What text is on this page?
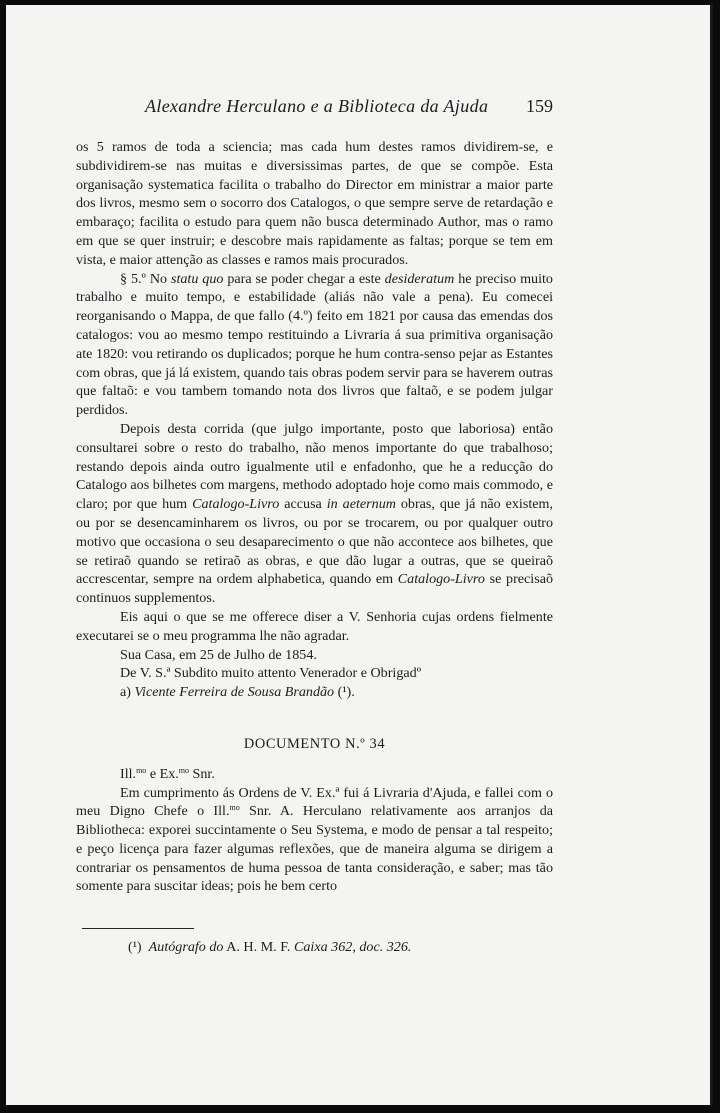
Alexandre Herculano e a Biblioteca da Ajuda 159

os 5 ramos de toda a sciencia; mas cada hum destes ramos dividirem-se, e subdividirem-se nas muitas e diversissimas partes, de que se compõe. Esta organisação systematica facilita o trabalho do Director em ministrar a maior parte dos livros, mesmo sem o socorro dos Catalogos, o que sempre serve de retardação e embaraço; facilita o estudo para quem não busca determinado Author, mas o ramo em que se quer instruir; e descobre mais rapidamente as faltas; porque se tem em vista, e maior attenção as classes e ramos mais procurados.

§ 5.º No statu quo para se poder chegar a este desideratum he preciso muito trabalho e muito tempo, e estabilidade (aliás não vale a pena). Eu comecei reorganisando o Mappa, de que fallo (4.º) feito em 1821 por causa das emendas dos catalogos: vou ao mesmo tempo restituindo a Livraria á sua primitiva organisação ate 1820: vou retirando os duplicados; porque he hum contra-senso pejar as Estantes com obras, que já lá existem, quando tais obras podem servir para se haverem outras que faltaõ: e vou tambem tomando nota dos livros que faltaõ, e se podem julgar perdidos.

Depois desta corrida (que julgo importante, posto que laboriosa) então consultarei sobre o resto do trabalho, não menos importante do que trabalhoso; restando depois ainda outro igualmente util e enfadonho, que he a reducção do Catalogo aos bilhetes com margens, methodo adoptado hoje como mais commodo, e claro; por que hum Catalogo-Livro accusa in aeternum obras, que já não existem, ou por se desencaminharem os livros, ou por se trocarem, ou por qualquer outro motivo que occasiona o seu desaparecimento o que não accontece aos bilhetes, que se retiraõ quando se retiraõ as obras, e que dão lugar a outras, que se queiraõ accrescentar, sempre na ordem alphabetica, quando em Catalogo-Livro se precisaõ continuos supplementos.

Eis aqui o que se me offerece diser a V. Senhoria cujas ordens fielmente executarei se o meu programma lhe não agradar.

Sua Casa, em 25 de Julho de 1854.

De V. S.ª Subdito muito attento Venerador e Obrigadº

a) Vicente Ferreira de Sousa Brandão (¹).

DOCUMENTO N.º 34

Ill.$^{mo}$ e Ex.$^{mo}$ Snr.

Em cumprimento ás Ordens de V. Ex.ª fui á Livraria d'Ajuda, e fallei com o meu Digno Chefe o Ill.$^{mo}$ Snr. A. Herculano relativamente aos arranjos da Bibliotheca: exporei succintamente o Seu Systema, e modo de pensar a tal respeito; e peço licença para fazer algumas reflexões, que de maneira alguma se dirigem a contrariar os pensamentos de huma pessoa de tanta consideração, e saber; mas tão somente para suscitar ideas; pois he bem certo

(¹) Autógrafo do A. H. M. F. Caixa 362, doc. 326.
